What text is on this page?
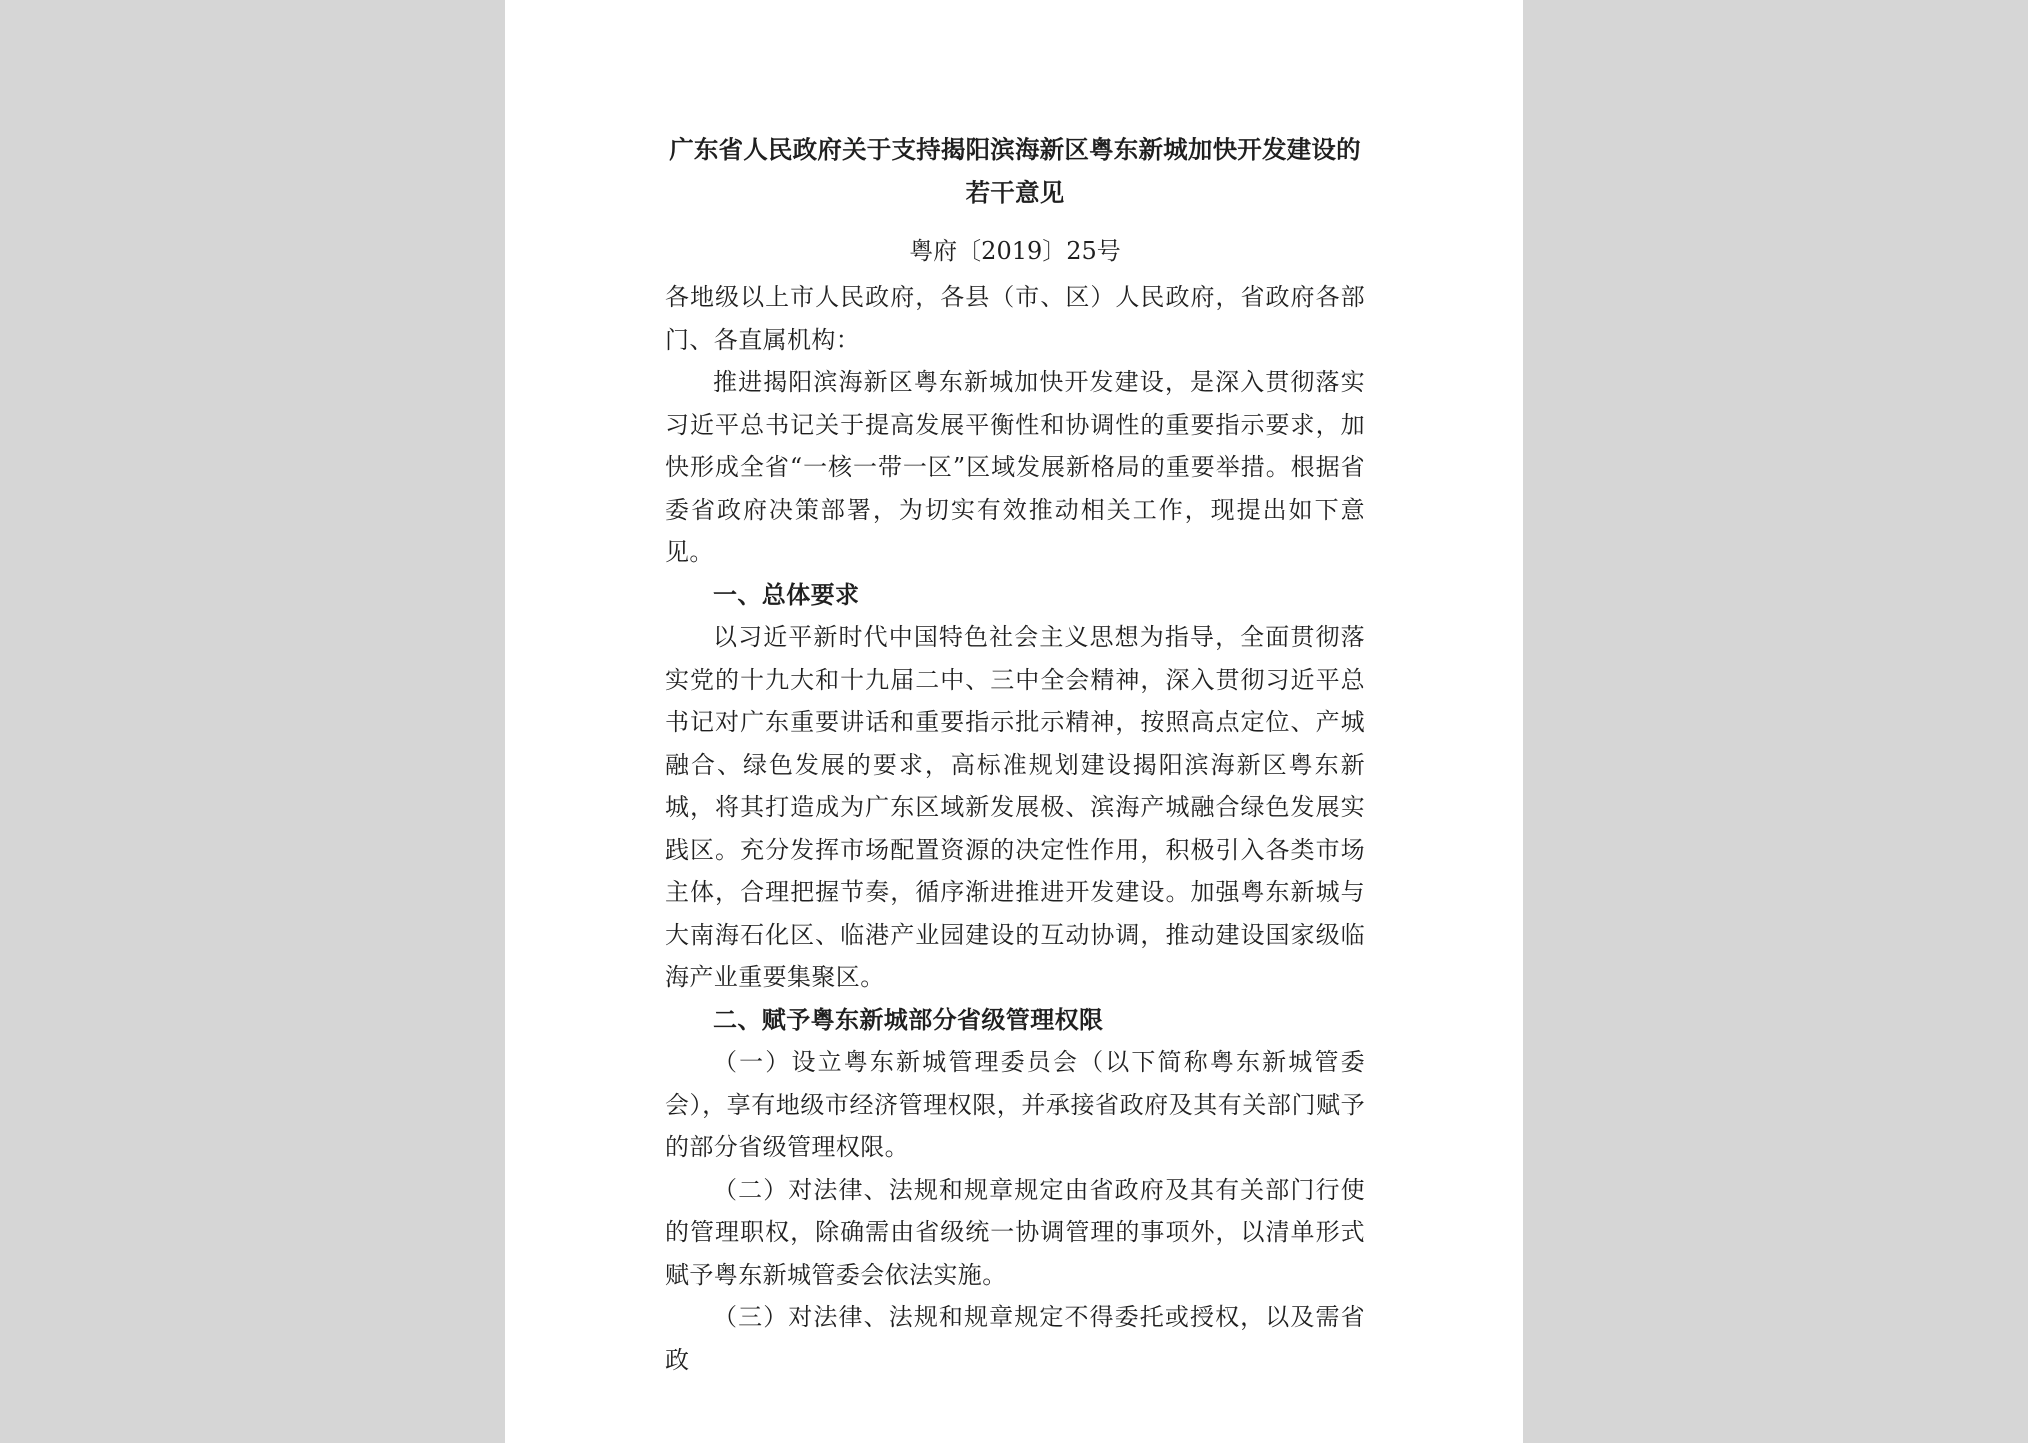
广东省人民政府关于支持揭阳滨海新区粤东新城加快开发建设的若干意见

粤府〔2019〕25号

各地级以上市人民政府，各县（市、区）人民政府，省政府各部门、各直属机构：

推进揭阳滨海新区粤东新城加快开发建设，是深入贯彻落实习近平总书记关于提高发展平衡性和协调性的重要指示要求，加快形成全省“一核一带一区”区域发展新格局的重要举措。根据省委省政府决策部署，为切实有效推动相关工作，现提出如下意见。

一、总体要求

以习近平新时代中国特色社会主义思想为指导，全面贯彻落实党的十九大和十九届二中、三中全会精神，深入贯彻习近平总书记对广东重要讲话和重要指示批示精神，按照高点定位、产城融合、绿色发展的要求，高标准规划建设揭阳滨海新区粤东新城，将其打造成为广东区域新发展极、滨海产城融合绿色发展实践区。充分发挥市场配置资源的决定性作用，积极引入各类市场主体，合理把握节奏，循序渐进推进开发建设。加强粤东新城与大南海石化区、临港产业园建设的互动协调，推动建设国家级临海产业重要集聚区。

二、赋予粤东新城部分省级管理权限

（一）设立粤东新城管理委员会（以下简称粤东新城管委会），享有地级市经济管理权限，并承接省政府及其有关部门赋予的部分省级管理权限。

（二）对法律、法规和规章规定由省政府及其有关部门行使的管理职权，除确需由省级统一协调管理的事项外，以清单形式赋予粤东新城管委会依法实施。

（三）对法律、法规和规章规定不得委托或授权，以及需省政
